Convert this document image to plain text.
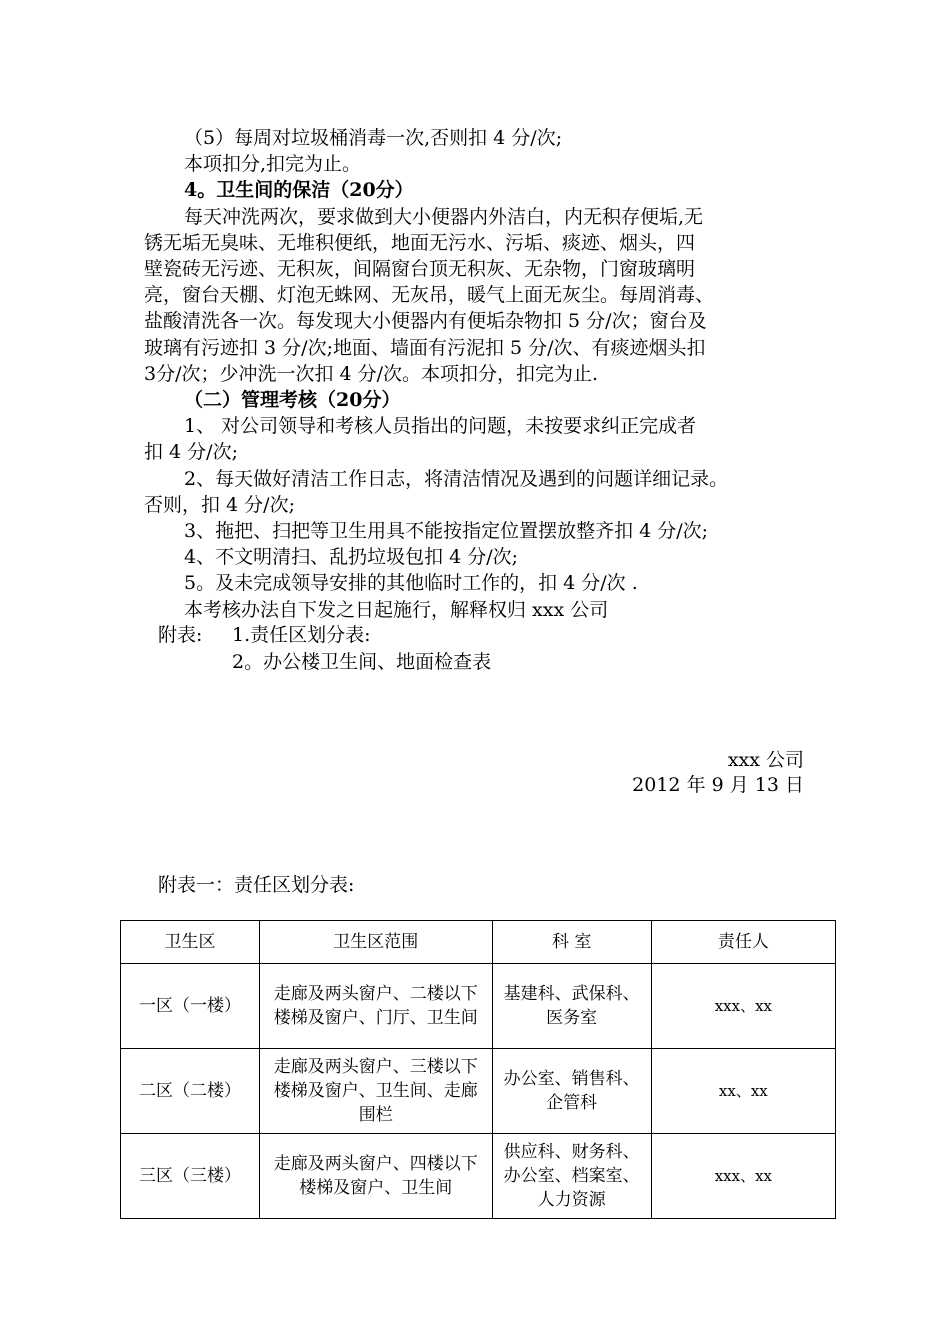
（5）每周对垃圾桶消毒一次,否则扣 4 分/次;
本项扣分,扣完为止。
4。卫生间的保洁（20分）
每天冲洗两次，要求做到大小便器内外洁白，内无积存便垢,无
锈无垢无臭味、无堆积便纸，地面无污水、污垢、痰迹、烟头，四
壁瓷砖无污迹、无积灰，间隔窗台顶无积灰、无杂物，门窗玻璃明
亮，窗台天棚、灯泡无蛛网、无灰吊，暖气上面无灰尘。每周消毒、
盐酸清洗各一次。每发现大小便器内有便垢杂物扣 5 分/次；窗台及
玻璃有污迹扣 3 分/次;地面、墙面有污泥扣 5 分/次、有痰迹烟头扣
3分/次；少冲洗一次扣 4 分/次。本项扣分，扣完为止.
（二）管理考核（20分）
1、 对公司领导和考核人员指出的问题，未按要求纠正完成者
扣 4 分/次;
2、每天做好清洁工作日志，将清洁情况及遇到的问题详细记录。
否则，扣 4 分/次;
3、拖把、扫把等卫生用具不能按指定位置摆放整齐扣 4 分/次;
4、不文明清扫、乱扔垃圾包扣 4 分/次;
5。及未完成领导安排的其他临时工作的，扣 4 分/次 .
本考核办法自下发之日起施行，解释权归 xxx 公司
附表:	1.责任区划分表:
2。办公楼卫生间、地面检查表
xxx 公司
2012 年 9 月 13 日
附表一：责任区划分表:
卫生区	卫生区范围	科 室	责任人
一区（一楼）	走廊及两头窗户、二楼以下楼梯及窗户、门厅、卫生间	基建科、武保科、医务室	xxx、xx
二区（二楼）	走廊及两头窗户、三楼以下楼梯及窗户、卫生间、走廊围栏	办公室、销售科、企管科	xx、xx
三区（三楼）	走廊及两头窗户、四楼以下楼梯及窗户、卫生间	供应科、财务科、办公室、档案室、人力资源	xxx、xx
